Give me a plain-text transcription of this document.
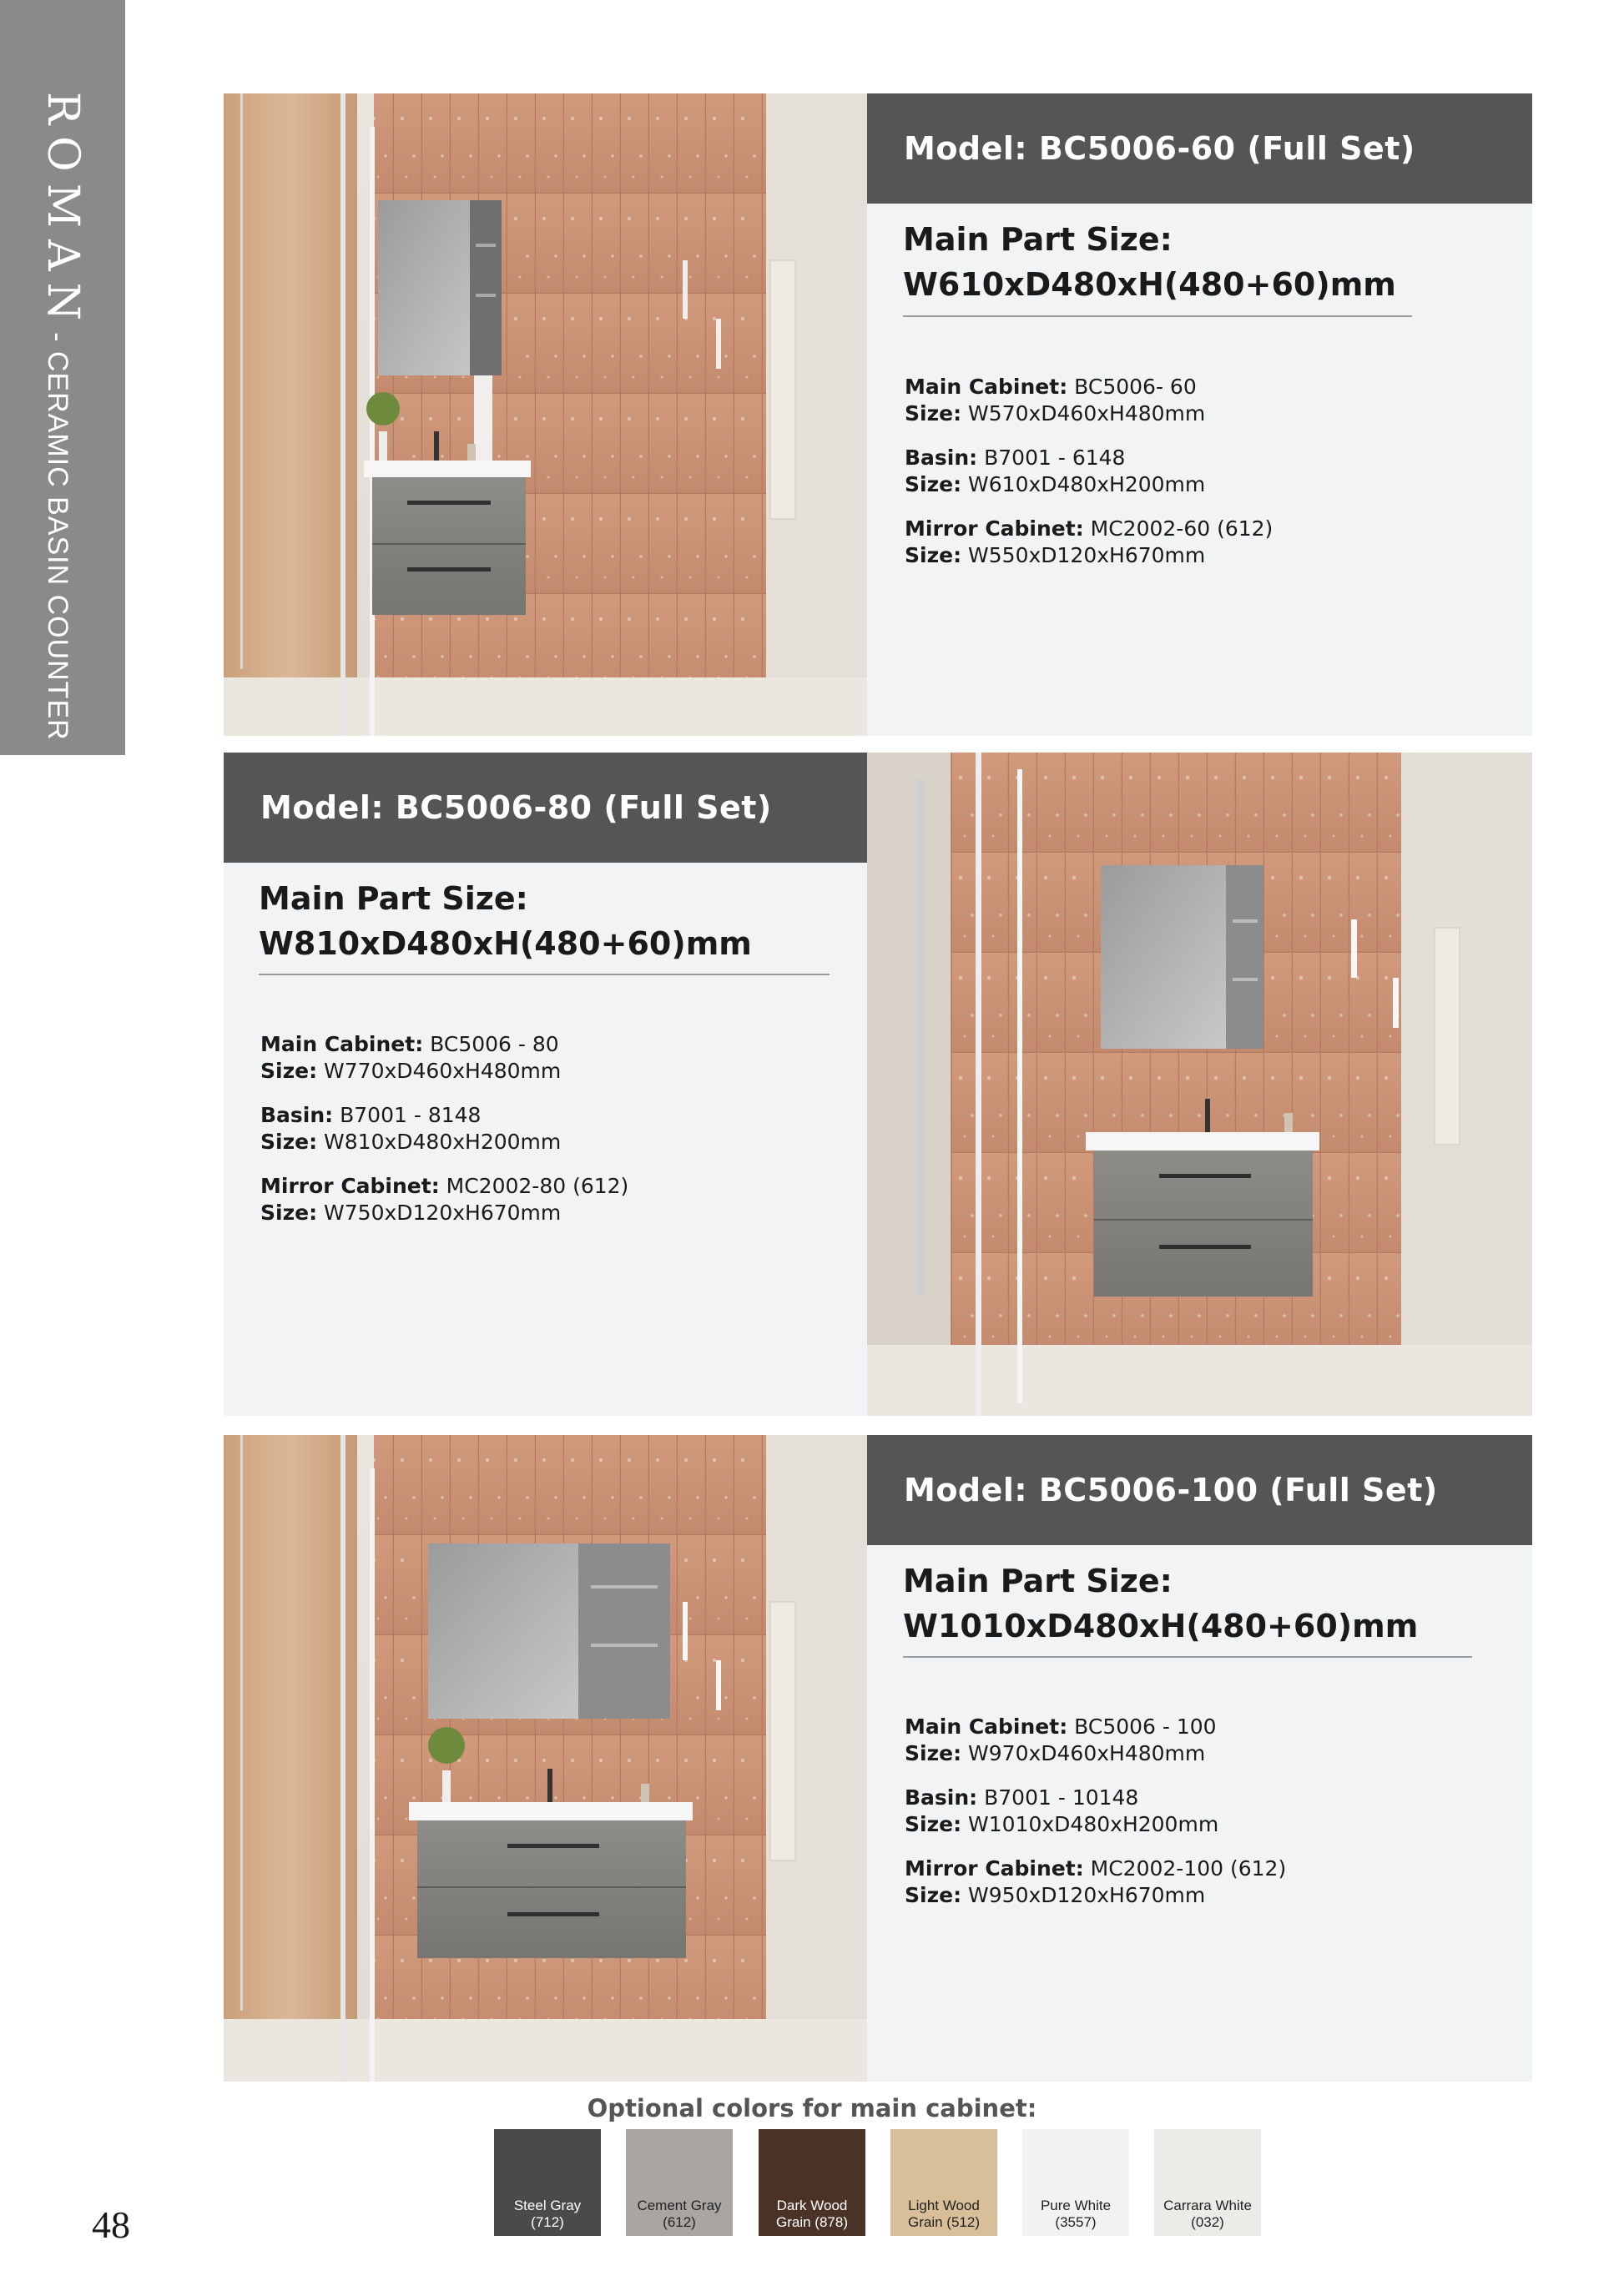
ROMAN
- CERAMIC BASIN COUNTER
Model: BC5006-60 (Full Set)
Main Part Size:
W610xD480xH(480+60)mm
Main Cabinet: BC5006- 60
Size: W570xD460xH480mm
Basin: B7001 - 6148
Size: W610xD480xH200mm
Mirror Cabinet: MC2002-60 (612)
Size: W550xD120xH670mm
Model: BC5006-80 (Full Set)
Main Part Size:
W810xD480xH(480+60)mm
Main Cabinet: BC5006 - 80
Size: W770xD460xH480mm
Basin: B7001 - 8148
Size: W810xD480xH200mm
Mirror Cabinet: MC2002-80 (612)
Size: W750xD120xH670mm
Model: BC5006-100 (Full Set)
Main Part Size:
W1010xD480xH(480+60)mm
Main Cabinet: BC5006 - 100
Size: W970xD460xH480mm
Basin: B7001 - 10148
Size: W1010xD480xH200mm
Mirror Cabinet: MC2002-100 (612)
Size: W950xD120xH670mm
Optional colors for main cabinet:
Steel Gray
(712)
Cement Gray
(612)
Dark Wood
Grain (878)
Light Wood
Grain (512)
Pure White
(3557)
Carrara White
(032)
48
